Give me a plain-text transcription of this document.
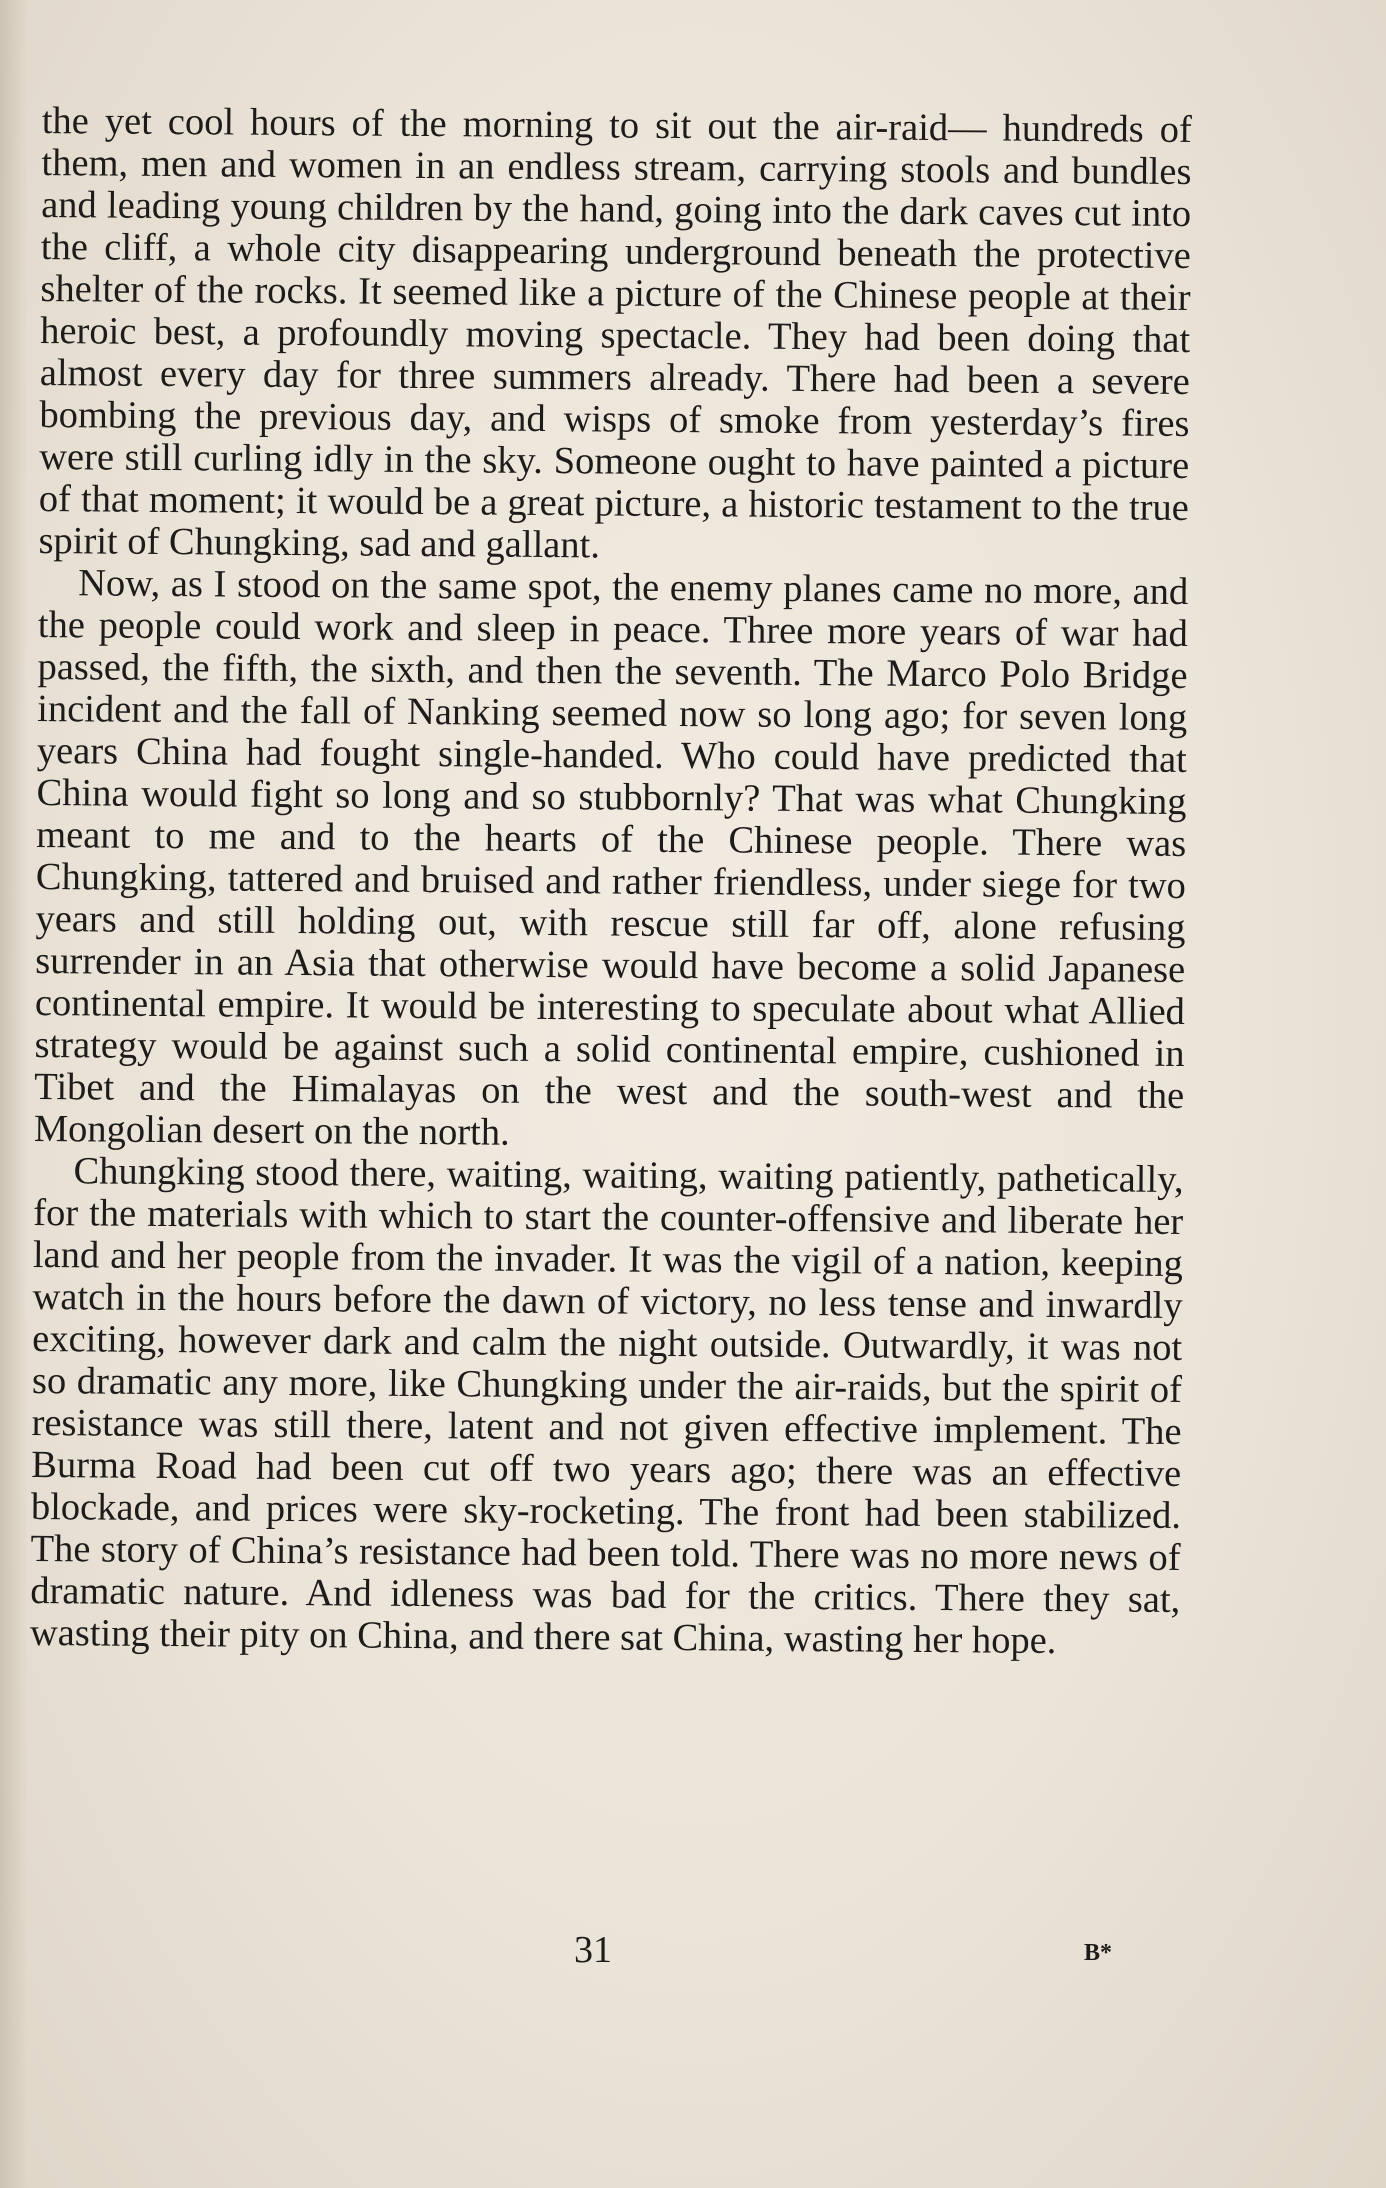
the yet cool hours of the morning to sit out the air-raid— hundreds of them, men and women in an endless stream, carrying stools and bundles and leading young children by the hand, going into the dark caves cut into the cliff, a whole city disappearing underground beneath the protective shelter of the rocks. It seemed like a picture of the Chinese people at their heroic best, a profoundly moving spectacle. They had been doing that almost every day for three summers already. There had been a severe bombing the previous day, and wisps of smoke from yesterday’s fires were still curling idly in the sky. Someone ought to have painted a picture of that moment; it would be a great picture, a historic testament to the true spirit of Chungking, sad and gallant.

Now, as I stood on the same spot, the enemy planes came no more, and the people could work and sleep in peace. Three more years of war had passed, the fifth, the sixth, and then the seventh. The Marco Polo Bridge incident and the fall of Nanking seemed now so long ago; for seven long years China had fought single-handed. Who could have predicted that China would fight so long and so stubbornly? That was what Chungking meant to me and to the hearts of the Chinese people. There was Chungking, tattered and bruised and rather friendless, under siege for two years and still holding out, with rescue still far off, alone refusing surrender in an Asia that otherwise would have become a solid Japanese continental empire. It would be interesting to speculate about what Allied strategy would be against such a solid continental empire, cushioned in Tibet and the Himalayas on the west and the south-west and the Mongolian desert on the north.

Chungking stood there, waiting, waiting, waiting patiently, pathetically, for the materials with which to start the counter-offensive and liberate her land and her people from the invader. It was the vigil of a nation, keeping watch in the hours before the dawn of victory, no less tense and inwardly exciting, however dark and calm the night outside. Outwardly, it was not so dramatic any more, like Chungking under the air-raids, but the spirit of resistance was still there, latent and not given effective implement. The Burma Road had been cut off two years ago; there was an effective blockade, and prices were sky-rocketing. The front had been stabilized. The story of China’s resistance had been told. There was no more news of dramatic nature. And idleness was bad for the critics. There they sat, wasting their pity on China, and there sat China, wasting her hope.

31	B*
